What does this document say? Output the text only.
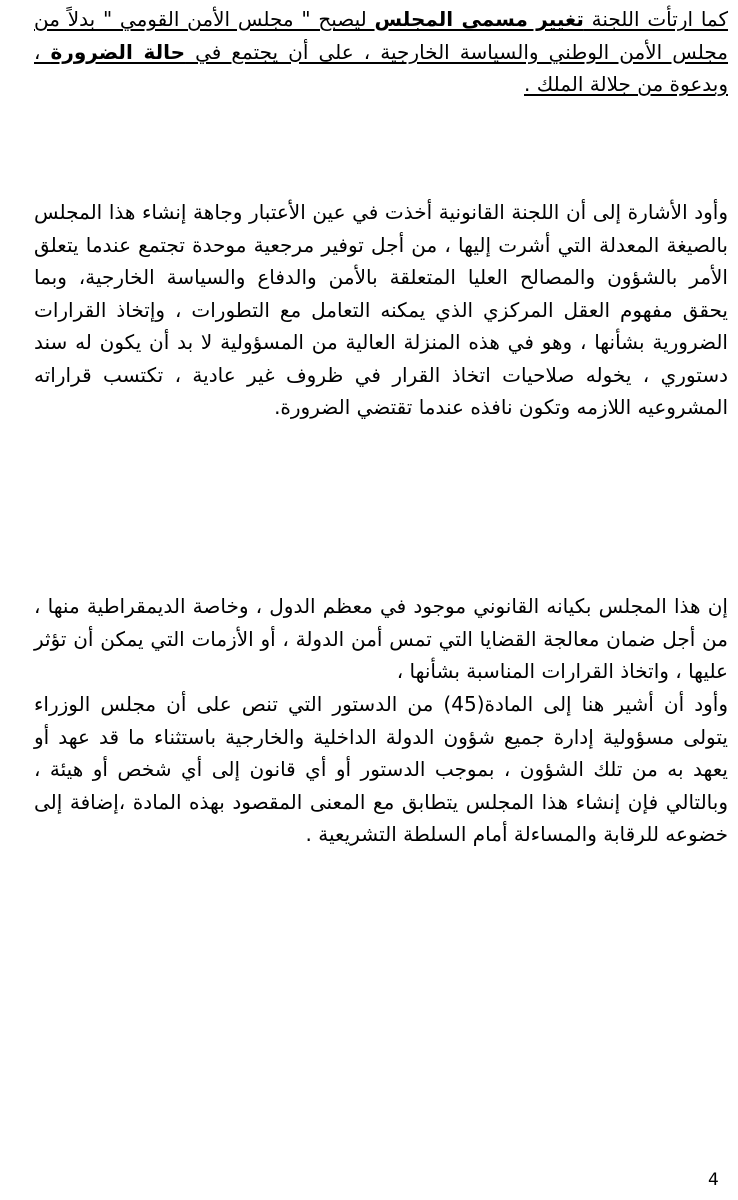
كما ارتأت اللجنة تغيير مسمى المجلس ليصبح " مجلس الأمن القومي " بدلاً من مجلس الأمن الوطني والسياسة الخارجية ، على أن يجتمع في حالة الضرورة ، وبدعوة من جلالة الملك .

وأود الأشارة إلى أن اللجنة القانونية أخذت في عين الأعتبار وجاهة إنشاء هذا المجلس بالصيغة المعدلة التي أشرت إليها ، من أجل توفير مرجعية موحدة تجتمع عندما يتعلق الأمر بالشؤون والمصالح العليا المتعلقة بالأمن والدفاع والسياسة الخارجية، وبما يحقق مفهوم العقل المركزي الذي يمكنه التعامل مع التطورات ، وإتخاذ القرارات الضرورية بشأنها ، وهو في هذه المنزلة العالية من المسؤولية لا بد أن يكون له سند دستوري ، يخوله صلاحيات اتخاذ القرار في ظروف غير عادية ، تكتسب قراراته المشروعيه اللازمه وتكون نافذه عندما تقتضي الضرورة.

إن هذا المجلس بكيانه القانوني موجود في معظم الدول ، وخاصة الديمقراطية منها ، من أجل ضمان معالجة القضايا التي تمس أمن الدولة ، أو الأزمات التي يمكن أن تؤثر عليها ، واتخاذ القرارات المناسبة بشأنها ،

وأود أن أشير هنا إلى المادة(45) من الدستور التي تنص على أن مجلس الوزراء يتولى مسؤولية إدارة جميع شؤون الدولة الداخلية والخارجية باستثناء ما قد عهد أو يعهد به من تلك الشؤون ، بموجب الدستور أو أي قانون إلى أي شخص أو هيئة ، وبالتالي فإن إنشاء هذا المجلس يتطابق مع المعنى المقصود بهذه المادة ،إضافة إلى خضوعه للرقابة والمساءلة أمام السلطة التشريعية .

4
